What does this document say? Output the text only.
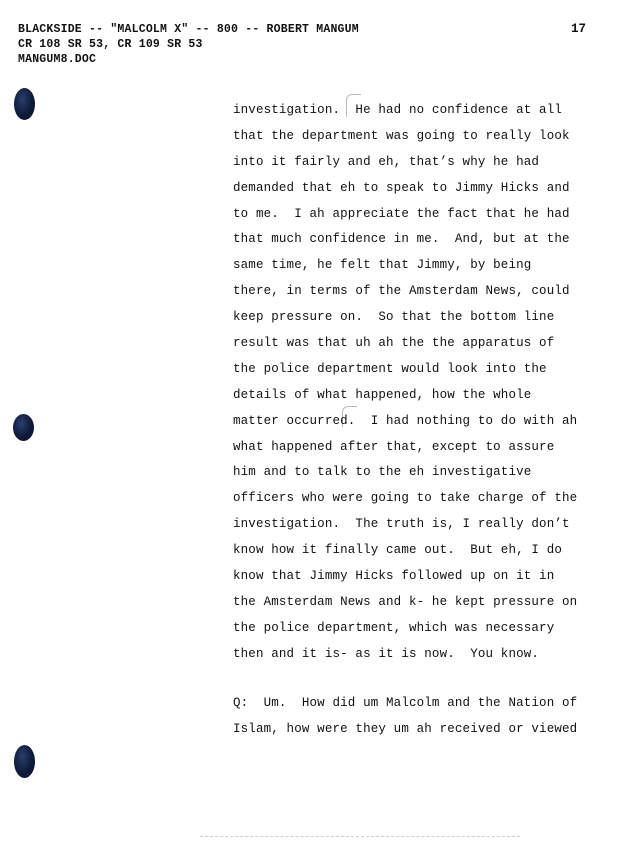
BLACKSIDE -- "MALCOLM X" -- 800 -- ROBERT MANGUM
CR 108 SR 53, CR 109 SR 53
MANGUM8.DOC
17
investigation.  He had no confidence at all
that the department was going to really look
into it fairly and eh, that’s why he had
demanded that eh to speak to Jimmy Hicks and
to me.  I ah appreciate the fact that he had
that much confidence in me.  And, but at the
same time, he felt that Jimmy, by being
there, in terms of the Amsterdam News, could
keep pressure on.  So that the bottom line
result was that uh ah the the apparatus of
the police department would look into the
details of what happened, how the whole
matter occurred.  I had nothing to do with ah
what happened after that, except to assure
him and to talk to the eh investigative
officers who were going to take charge of the
investigation.  The truth is, I really don’t
know how it finally came out.  But eh, I do
know that Jimmy Hicks followed up on it in
the Amsterdam News and k- he kept pressure on
the police department, which was necessary
then and it is- as it is now.  You know.
Q:  Um.  How did um Malcolm and the Nation of
Islam, how were they um ah received or viewed
